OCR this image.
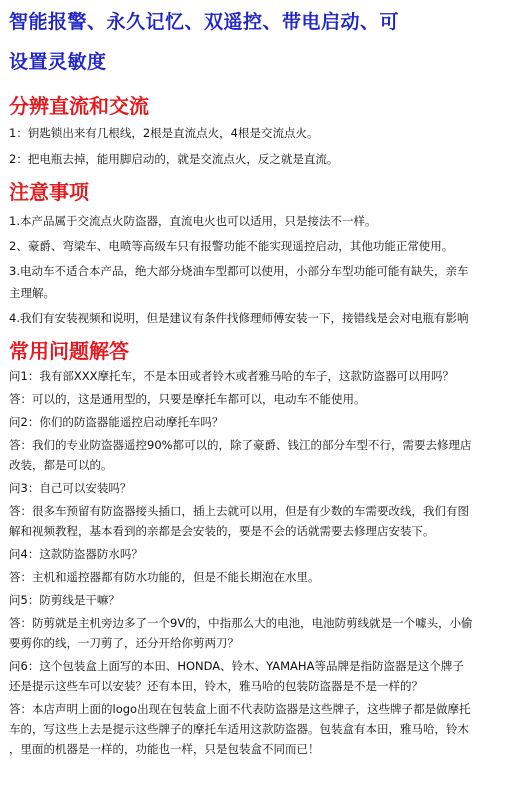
智能报警、永久记忆、双遥控、带电启动、可
设置灵敏度
分辨直流和交流
1：钥匙锁出来有几根线，2根是直流点火，4根是交流点火。
2：把电瓶去掉，能用脚启动的，就是交流点火，反之就是直流。
注意事项
1.本产品属于交流点火防盗器，直流电火也可以适用，只是接法不一样。
2、豪爵、弯梁车、电喷等高级车只有报警功能不能实现遥控启动，其他功能正常使用。
3.电动车不适合本产品，绝大部分烧油车型都可以使用，小部分车型功能可能有缺失，亲车
主理解。
4.我们有安装视频和说明，但是建议有条件找修理师傅安装一下，接错线是会对电瓶有影响
常用问题解答
问1：我有部XXX摩托车，不是本田或者铃木或者雅马哈的车子，这款防盗器可以用吗？
答：可以的，这是通用型的，只要是摩托车都可以，电动车不能使用。
问2：你们的防盗器能遥控启动摩托车吗？
答：我们的专业防盗器遥控90%都可以的，除了豪爵、钱江的部分车型不行，需要去修理店
改装，都是可以的。
问3：自己可以安装吗？
答：很多车预留有防盗器接头插口，插上去就可以用，但是有少数的车需要改线，我们有图
解和视频教程，基本看到的亲都是会安装的，要是不会的话就需要去修理店安装下。
问4：这款防盗器防水吗？
答：主机和遥控器都有防水功能的，但是不能长期泡在水里。
问5：防剪线是干嘛？
答：防剪就是主机旁边多了一个9V的，中指那么大的电池，电池防剪线就是一个噱头，小偷
要剪你的线，一刀剪了，还分开给你剪两刀？
问6：这个包装盒上面写的本田、HONDA、铃木、YAMAHA等品牌是指防盗器是这个牌子
还是提示这些车可以安装？还有本田，铃木，雅马哈的包装防盗器是不是一样的？
答：本店声明上面的logo出现在包装盒上面不代表防盗器是这些牌子，这些牌子都是做摩托
车的，写这些上去是提示这些牌子的摩托车适用这款防盗器。包装盒有本田，雅马哈，铃木
，里面的机器是一样的，功能也一样，只是包装盒不同而已！
